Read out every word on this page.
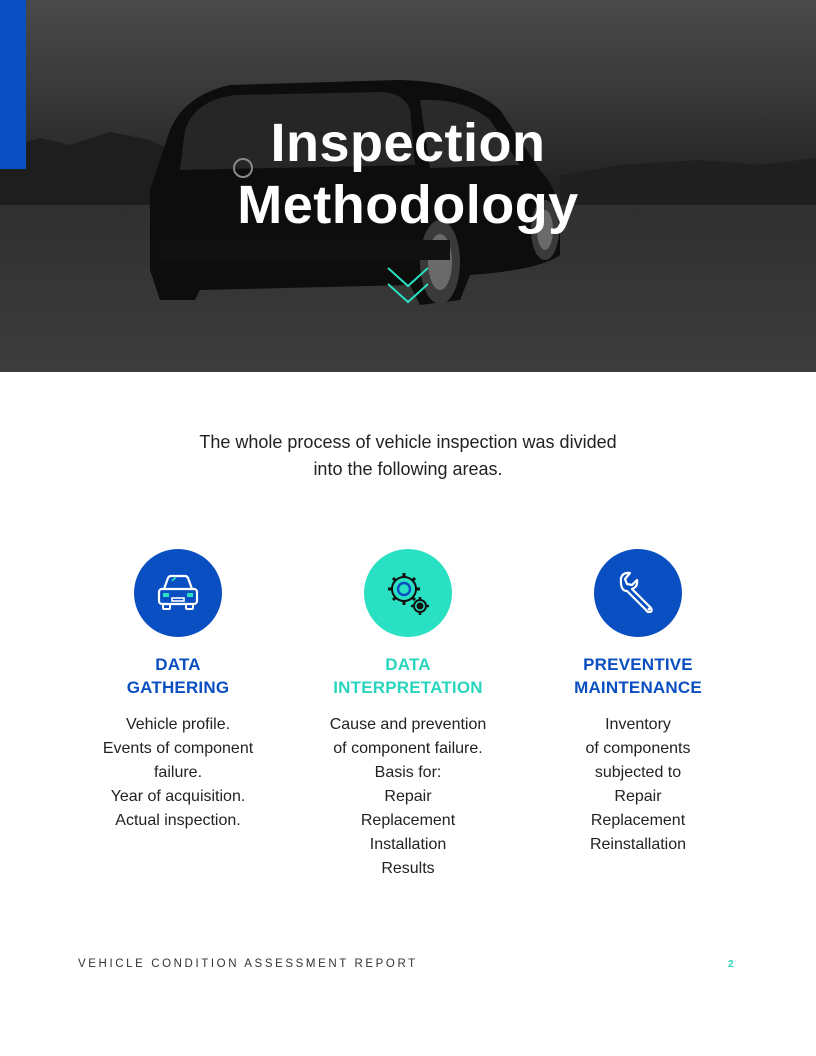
Inspection
Methodology
The whole process of vehicle inspection was divided
into the following areas.
DATA
GATHERING
Vehicle profile.
Events of component
failure.
Year of acquisition.
Actual inspection.
DATA
INTERPRETATION
Cause and prevention
of component failure.
Basis for:
Repair
Replacement
Installation
Results
PREVENTIVE
MAINTENANCE
Inventory
of components
subjected to
Repair
Replacement
Reinstallation
VEHICLE CONDITION ASSESSMENT REPORT	2
